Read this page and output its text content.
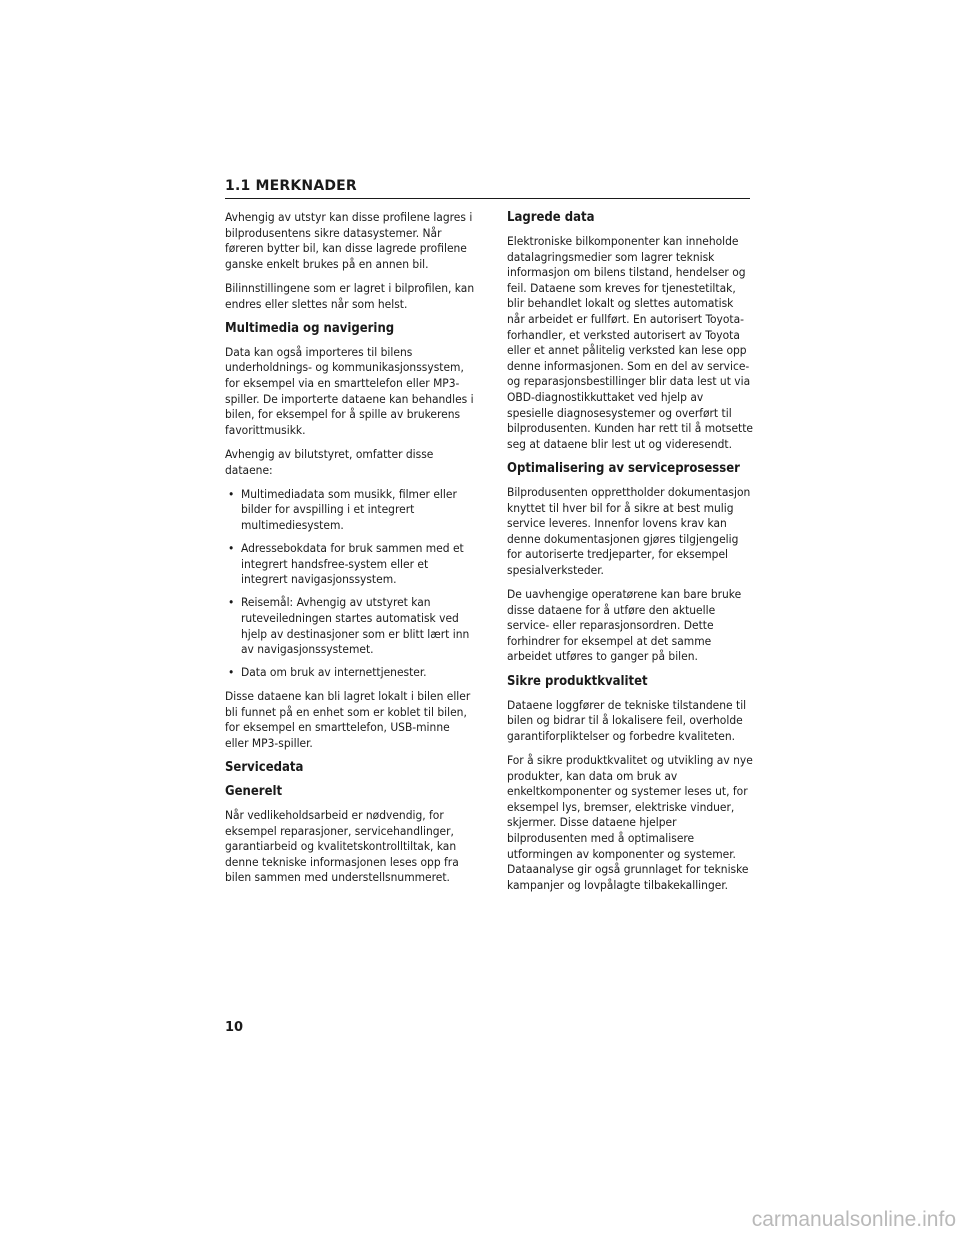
1.1 MERKNADER

Avhengig av utstyr kan disse profilene lagres i bilprodusentens sikre datasystemer. Når føreren bytter bil, kan disse lagrede profilene ganske enkelt brukes på en annen bil.

Bilinnstillingene som er lagret i bilprofilen, kan endres eller slettes når som helst.

Multimedia og navigering

Data kan også importeres til bilens underholdnings- og kommunikasjonssystem, for eksempel via en smarttelefon eller MP3-spiller. De importerte dataene kan behandles i bilen, for eksempel for å spille av brukerens favorittmusikk.

Avhengig av bilutstyret, omfatter disse dataene:

• Multimediadata som musikk, filmer eller bilder for avspilling i et integrert multimediesystem.
• Adressebokdata for bruk sammen med et integrert handsfree-system eller et integrert navigasjonssystem.
• Reisemål: Avhengig av utstyret kan ruteveiledningen startes automatisk ved hjelp av destinasjoner som er blitt lært inn av navigasjonssystemet.
• Data om bruk av internettjenester.

Disse dataene kan bli lagret lokalt i bilen eller bli funnet på en enhet som er koblet til bilen, for eksempel en smarttelefon, USB-minne eller MP3-spiller.

Servicedata
Generelt

Når vedlikeholdsarbeid er nødvendig, for eksempel reparasjoner, servicehandlinger, garantiarbeid og kvalitetskontrolltiltak, kan denne tekniske informasjonen leses opp fra bilen sammen med understellsnummeret.

Lagrede data

Elektroniske bilkomponenter kan inneholde datalagringsmedier som lagrer teknisk informasjon om bilens tilstand, hendelser og feil. Dataene som kreves for tjenestetiltak, blir behandlet lokalt og slettes automatisk når arbeidet er fullført. En autorisert Toyota-forhandler, et verksted autorisert av Toyota eller et annet pålitelig verksted kan lese opp denne informasjonen. Som en del av service- og reparasjonsbestillinger blir data lest ut via OBD-diagnostikkuttaket ved hjelp av spesielle diagnosesystemer og overført til bilprodusenten. Kunden har rett til å motsette seg at dataene blir lest ut og videresendt.

Optimalisering av serviceprosesser

Bilprodusenten opprettholder dokumentasjon knyttet til hver bil for å sikre at best mulig service leveres. Innenfor lovens krav kan denne dokumentasjonen gjøres tilgjengelig for autoriserte tredjeparter, for eksempel spesialverksteder.

De uavhengige operatørene kan bare bruke disse dataene for å utføre den aktuelle service- eller reparasjonsordren. Dette forhindrer for eksempel at det samme arbeidet utføres to ganger på bilen.

Sikre produktkvalitet

Dataene loggfører de tekniske tilstandene til bilen og bidrar til å lokalisere feil, overholde garantiforpliktelser og forbedre kvaliteten.

For å sikre produktkvalitet og utvikling av nye produkter, kan data om bruk av enkeltkomponenter og systemer leses ut, for eksempel lys, bremser, elektriske vinduer, skjermer. Disse dataene hjelper bilprodusenten med å optimalisere utformingen av komponenter og systemer. Dataanalyse gir også grunnlaget for tekniske kampanjer og lovpålagte tilbakekallinger.

10
carmanualsonline.info
